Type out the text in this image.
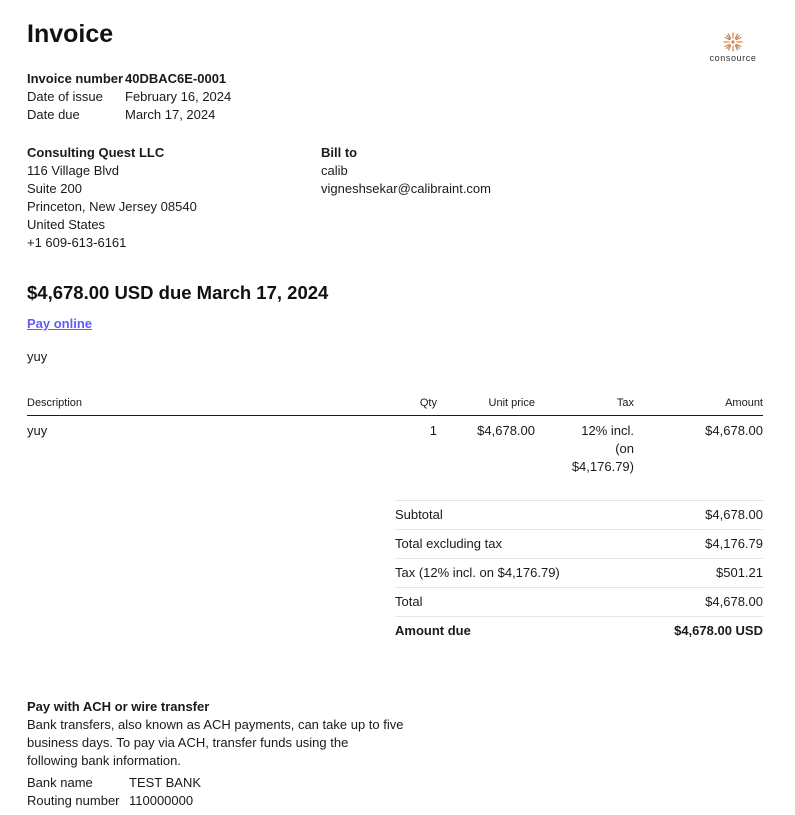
Invoice
consource
Invoice number 40DBAC6E-0001
Date of issue	February 16, 2024
Date due	March 17, 2024
Consulting Quest LLC
116 Village Blvd
Suite 200
Princeton, New Jersey 08540
United States
+1 609-613-6161
Bill to
calib
vigneshsekar@calibraint.com
$4,678.00 USD due March 17, 2024
Pay online
yuy
Description	Qty	Unit price	Tax	Amount
yuy	1	$4,678.00	12% incl.
(on
$4,176.79)	$4,678.00
Subtotal	$4,678.00
Total excluding tax	$4,176.79
Tax (12% incl. on $4,176.79)	$501.21
Total	$4,678.00
Amount due	$4,678.00 USD
Pay with ACH or wire transfer
Bank transfers, also known as ACH payments, can take up to five
business days. To pay via ACH, transfer funds using the
following bank information.
Bank name	TEST BANK
Routing number 110000000
